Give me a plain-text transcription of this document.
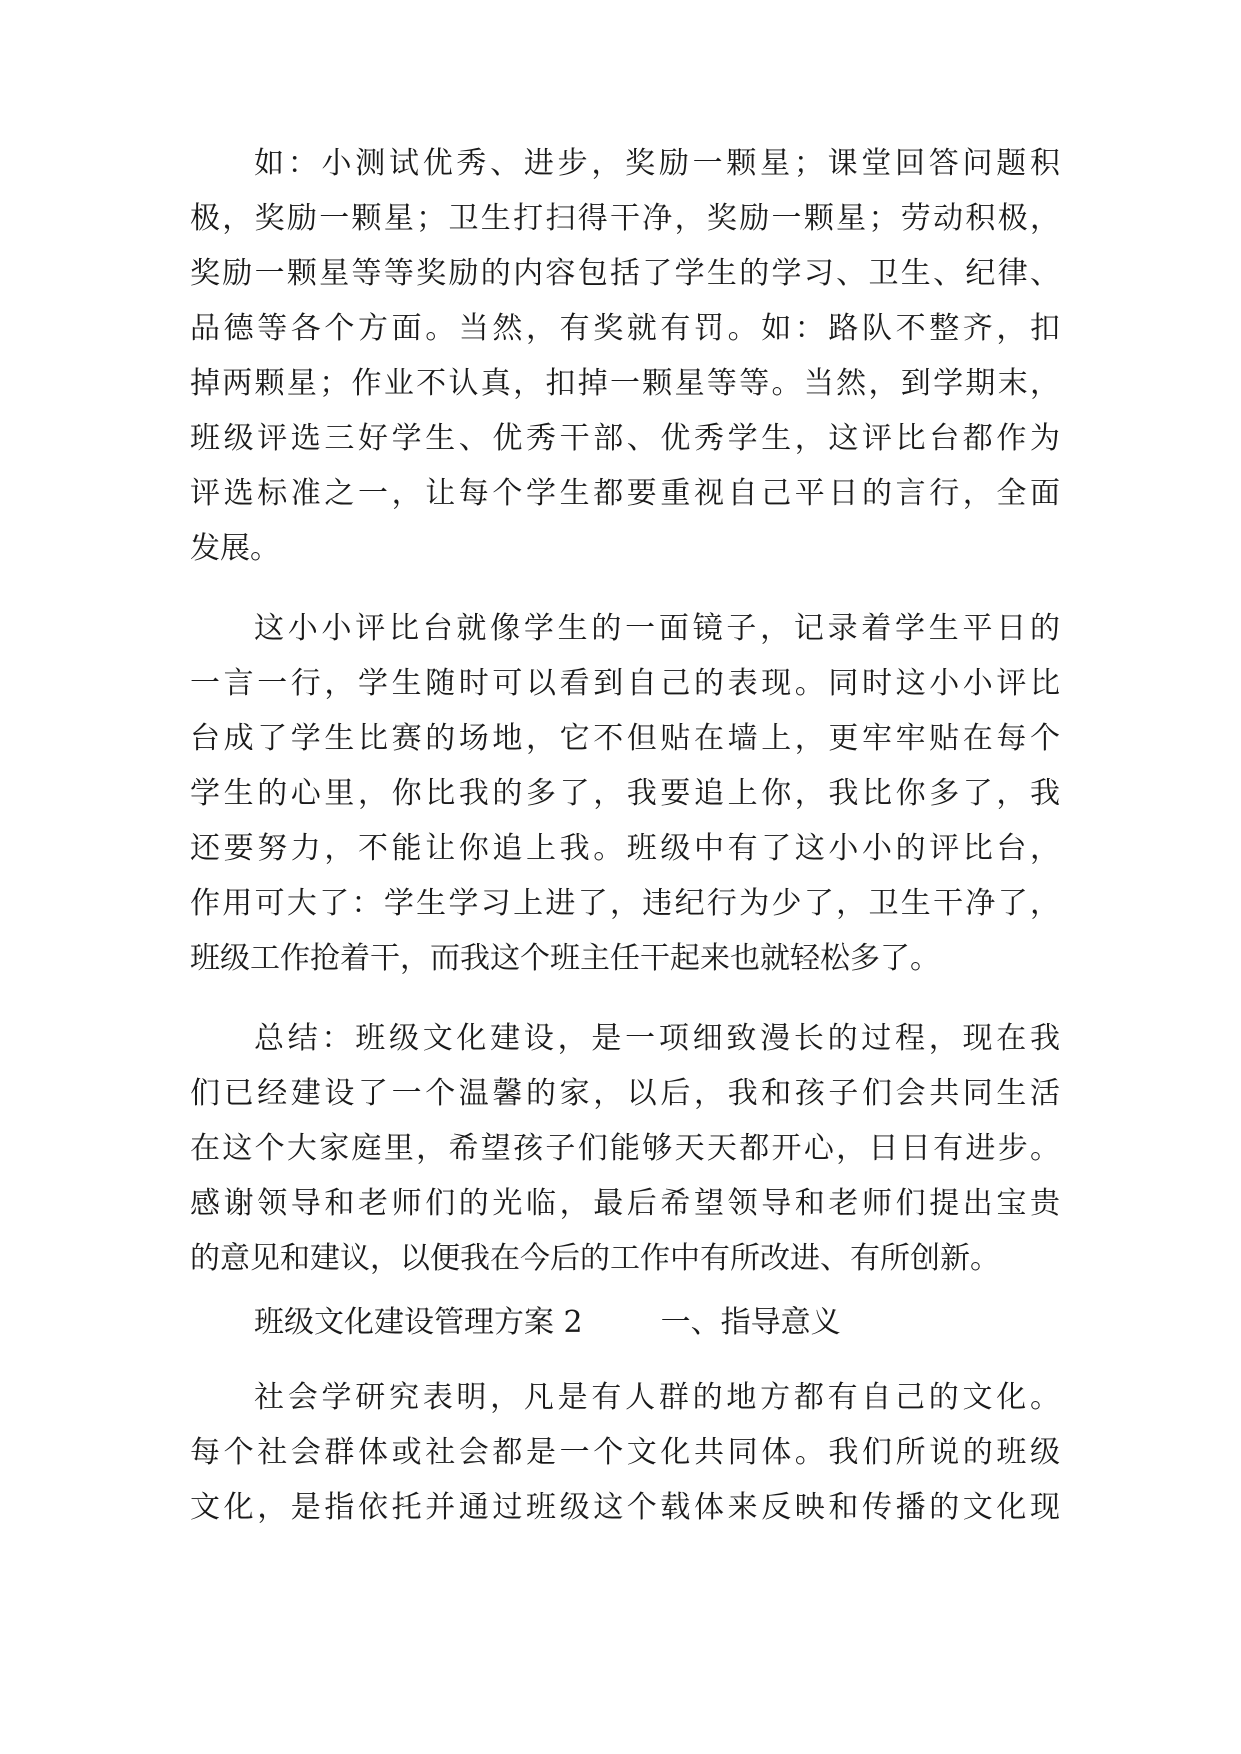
如：小测试优秀、进步，奖励一颗星；课堂回答问题积
极，奖励一颗星；卫生打扫得干净，奖励一颗星；劳动积极，
奖励一颗星等等奖励的内容包括了学生的学习、卫生、纪律、
品德等各个方面。当然，有奖就有罚。如：路队不整齐，扣
掉两颗星；作业不认真，扣掉一颗星等等。当然，到学期末，
班级评选三好学生、优秀干部、优秀学生，这评比台都作为
评选标准之一，让每个学生都要重视自己平日的言行，全面
发展。
这小小评比台就像学生的一面镜子，记录着学生平日的
一言一行，学生随时可以看到自己的表现。同时这小小评比
台成了学生比赛的场地，它不但贴在墙上，更牢牢贴在每个
学生的心里，你比我的多了，我要追上你，我比你多了，我
还要努力，不能让你追上我。班级中有了这小小的评比台，
作用可大了：学生学习上进了，违纪行为少了，卫生干净了，
班级工作抢着干，而我这个班主任干起来也就轻松多了。
总结：班级文化建设，是一项细致漫长的过程，现在我
们已经建设了一个温馨的家，以后，我和孩子们会共同生活
在这个大家庭里，希望孩子们能够天天都开心，日日有进步。
感谢领导和老师们的光临，最后希望领导和老师们提出宝贵
的意见和建议，以便我在今后的工作中有所改进、有所创新。
班级文化建设管理方案 2	一、指导意义
社会学研究表明，凡是有人群的地方都有自己的文化。
每个社会群体或社会都是一个文化共同体。我们所说的班级
文化，是指依托并通过班级这个载体来反映和传播的文化现
